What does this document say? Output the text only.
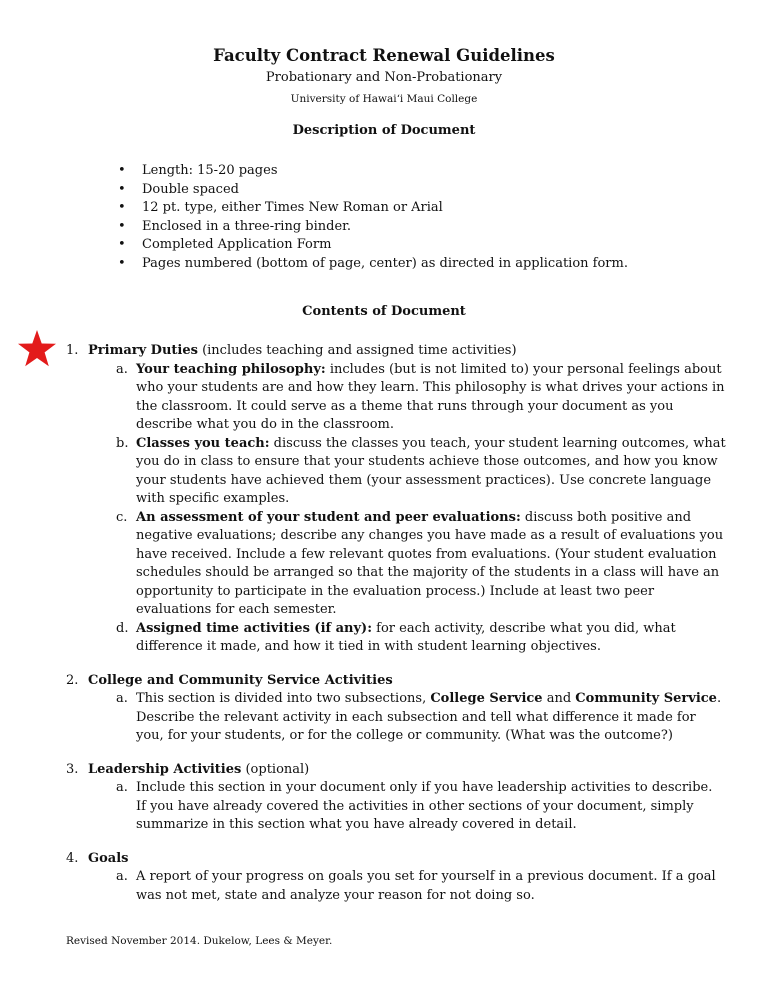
Faculty Contract Renewal Guidelines
Probationary and Non-Probationary
University of Hawaiʻi Maui College
Description of Document
• Length: 15-20 pages
• Double spaced
• 12 pt. type, either Times New Roman or Arial
• Enclosed in a three-ring binder.
• Completed Application Form
• Pages numbered (bottom of page, center) as directed in application form.
Contents of Document
1. Primary Duties (includes teaching and assigned time activities)
a. Your teaching philosophy: includes (but is not limited to) your personal feelings about who your students are and how they learn. This philosophy is what drives your actions in the classroom. It could serve as a theme that runs through your document as you describe what you do in the classroom.
b. Classes you teach: discuss the classes you teach, your student learning outcomes, what you do in class to ensure that your students achieve those outcomes, and how you know your students have achieved them (your assessment practices). Use concrete language with specific examples.
c. An assessment of your student and peer evaluations: discuss both positive and negative evaluations; describe any changes you have made as a result of evaluations you have received. Include a few relevant quotes from evaluations. (Your student evaluation schedules should be arranged so that the majority of the students in a class will have an opportunity to participate in the evaluation process.) Include at least two peer evaluations for each semester.
d. Assigned time activities (if any): for each activity, describe what you did, what difference it made, and how it tied in with student learning objectives.
2. College and Community Service Activities
a. This section is divided into two subsections, College Service and Community Service. Describe the relevant activity in each subsection and tell what difference it made for you, for your students, or for the college or community. (What was the outcome?)
3. Leadership Activities (optional)
a. Include this section in your document only if you have leadership activities to describe. If you have already covered the activities in other sections of your document, simply summarize in this section what you have already covered in detail.
4. Goals
a. A report of your progress on goals you set for yourself in a previous document. If a goal was not met, state and analyze your reason for not doing so.
Revised November 2014. Dukelow, Lees & Meyer.
